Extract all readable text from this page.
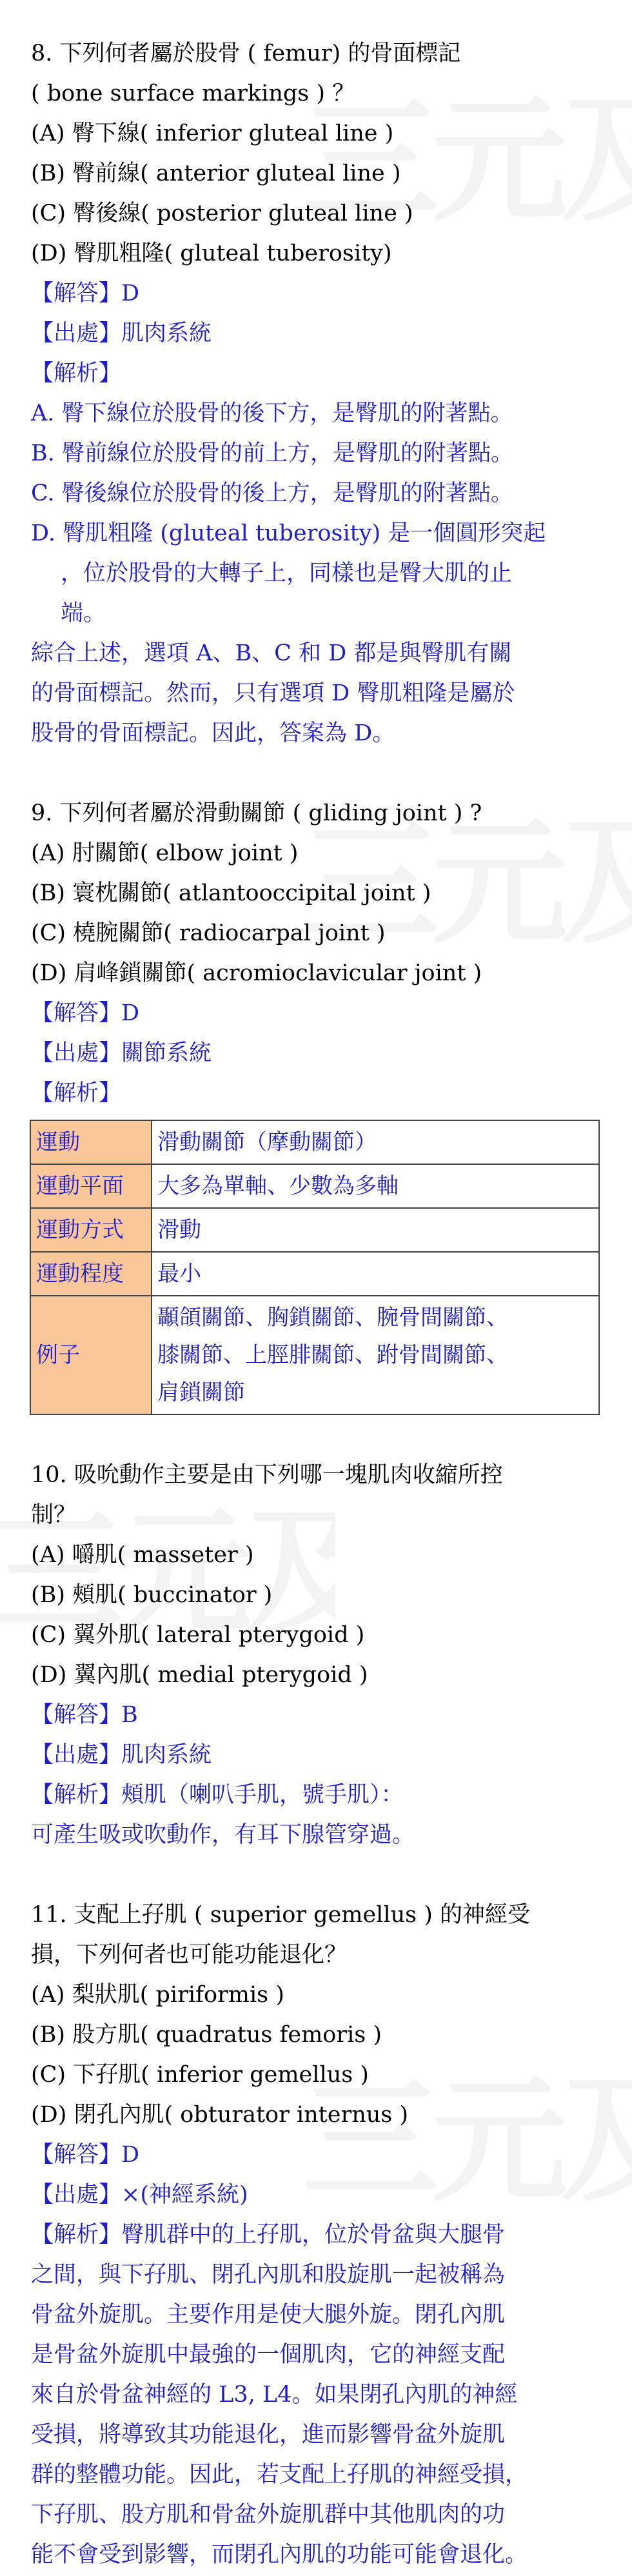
8. 下列何者屬於股骨 ( femur) 的骨面標記
( bone surface markings ) ？
(A) 臀下線( inferior gluteal line )
(B) 臀前線( anterior gluteal line )
(C) 臀後線( posterior gluteal line )
(D) 臀肌粗隆( gluteal tuberosity)
【解答】D
【出處】肌肉系統
【解析】
A. 臀下線位於股骨的後下方，是臀肌的附著點。
B. 臀前線位於股骨的前上方，是臀肌的附著點。
C. 臀後線位於股骨的後上方，是臀肌的附著點。
D. 臀肌粗隆 (gluteal tuberosity) 是一個圓形突起
，位於股骨的大轉子上，同樣也是臀大肌的止
端。
綜合上述，選項 A、B、C 和 D 都是與臀肌有關
的骨面標記。然而，只有選項 D 臀肌粗隆是屬於
股骨的骨面標記。因此，答案為 D。
9. 下列何者屬於滑動關節 ( gliding joint ) ?
(A) 肘關節( elbow joint )
(B) 寰枕關節( atlantooccipital joint )
(C) 橈腕關節( radiocarpal joint )
(D) 肩峰鎖關節( acromioclavicular joint )
【解答】D
【出處】關節系統
【解析】
運動	滑動關節（摩動關節）
運動平面	大多為單軸、少數為多軸
運動方式	滑動
運動程度	最小
例子	顳頜關節、胸鎖關節、腕骨間關節、
膝關節、上脛腓關節、跗骨間關節、
肩鎖關節
10. 吸吮動作主要是由下列哪一塊肌肉收縮所控
制？
(A) 嚼肌( masseter )
(B) 頰肌( buccinator )
(C) 翼外肌( lateral pterygoid )
(D) 翼內肌( medial pterygoid )
【解答】B
【出處】肌肉系統
【解析】頰肌（喇叭手肌，號手肌）：
可產生吸或吹動作，有耳下腺管穿過。
11. 支配上孖肌 ( superior gemellus ) 的神經受
損，下列何者也可能功能退化？
(A) 梨狀肌( piriformis )
(B) 股方肌( quadratus femoris )
(C) 下孖肌( inferior gemellus )
(D) 閉孔內肌( obturator internus )
【解答】D
【出處】×(神經系統)
【解析】臀肌群中的上孖肌，位於骨盆與大腿骨
之間，與下孖肌、閉孔內肌和股旋肌一起被稱為
骨盆外旋肌。主要作用是使大腿外旋。閉孔內肌
是骨盆外旋肌中最強的一個肌肉，它的神經支配
來自於骨盆神經的 L3, L4。如果閉孔內肌的神經
受損，將導致其功能退化，進而影響骨盆外旋肌
群的整體功能。因此，若支配上孖肌的神經受損，
下孖肌、股方肌和骨盆外旋肌群中其他肌肉的功
能不會受到影響，而閉孔內肌的功能可能會退化。
